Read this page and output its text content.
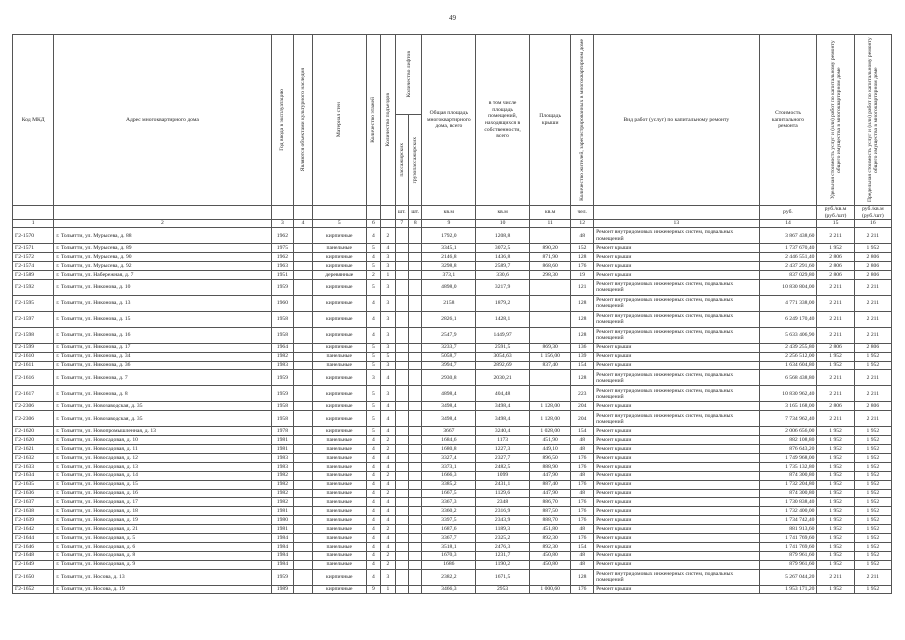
49
Код МКД	Адрес многоквартирного дома	Год ввода в эксплуатацию	Являются объектами культурного наследия	Материал стен	Количество этажей	Количество подъездов	Количество лифтов		Общая площадь многоквартирного дома, всего	в том числе площадь помещений, находящихся в собственности, всего	Площадь крыши	Количество жителей, зарегистрированных в многоквартирном доме	Вид работ (услуг) по капитальному ремонту	Стоимость капитального ремонта	Удельная стоимость услуг и (или) работ по капитальному ремонту общего имущества в многоквартирном доме	Предельная стоимость услуг и (или) работ по капитальному ремонту общего имущества в многоквартирном доме

							пассажирских	грузопассажирских								

							шт.	шт.	кв.м	кв.м	кв.м	чел.		руб.	руб./кв.м (руб./шт)	руб./кв.м (руб./шт)
1	2	3	4	5	6		7	8	9	10	11	12	13	14	15	16
Г2-1570	г. Тольятти, ул. Мурысева, д. 88	1962		кирпичные	4	2			1792,0	1208,8		48	Ремонт внутридомовых инженерных систем, подвальных помещений	3 867 438,60	2 211	2 211
Г2-1571	г. Тольятти, ул. Мурысева, д. 89	1975		панельные	5	4			3345,1	3072,5	890,20	152	Ремонт крыши	1 737 670,40	1 952	1 952
Г2-1572	г. Тольятти, ул. Мурысева, д. 90	1962		кирпичные	4	3			2146,8	1436,8	871,90	128	Ремонт крыши	2 446 551,40	2 806	2 806
Г2-1574	г. Тольятти, ул. Мурысева, д. 92	1963		кирпичные	5	3			3298,8	2589,7	868,60	176	Ремонт крыши	2 437 291,60	2 806	2 806
Г2-1589	г. Тольятти, ул. Набережная, д. 7	1951		деревянные	2	1			373,1	330,6	298,30	19	Ремонт крыши	837 029,80	2 806	2 806
Г2-1592	г. Тольятти, ул. Никонова, д. 10	1959		кирпичные	5	3			4898,0	3217,9		121	Ремонт внутридомовых инженерных систем, подвальных помещений	10 830 804,00	2 211	2 211
Г2-1595	г. Тольятти, ул. Никонова, д. 13	1960		кирпичные	4	3			2158	1879,2		128	Ремонт внутридомовых инженерных систем, подвальных помещений	4 771 338,00	2 211	2 211
Г2-1597	г. Тольятти, ул. Никонова, д. 15	1958		кирпичные	4	3			2826,1	1428,1		128	Ремонт внутридомовых инженерных систем, подвальных помещений	6 249 170,40	2 211	2 211
Г2-1598	г. Тольятти, ул. Никонова, д. 16	1958		кирпичные	4	3			2547,9	1449,97		128	Ремонт внутридомовых инженерных систем, подвальных помещений	5 633 406,90	2 211	2 211
Г2-1599	г. Тольятти, ул. Никонова, д. 17	1964		кирпичные	5	3			3233,7	2591,5	869,30	136	Ремонт крыши	2 439 255,80	2 806	2 806
Г2-1610	г. Тольятти, ул. Никонова, д. 34	1982		панельные	5	5			5058,7	3054,63	1 156,00	139	Ремонт крыши	2 256 512,00	1 952	1 952
Г2-1611	г. Тольятти, ул. Никонова, д. 36	1983		панельные	5	3			3994,7	2892,69	837,40	154	Ремонт крыши	1 634 604,80	1 952	1 952
Г2-1616	г. Тольятти, ул. Никонова, д. 7	1959		кирпичные	3	4			2930,8	2030,21		128	Ремонт внутридомовых инженерных систем, подвальных помещений	6 568 438,80	2 211	2 211
Г2-1617	г. Тольятти, ул. Никонова, д. 8	1959		кирпичные	5	3			4898,4	404,48		223	Ремонт внутридомовых инженерных систем, подвальных помещений	10 830 962,40	2 211	2 211
Г2-2306	г. Тольятти, ул. Новозаводская, д. 35	1958		кирпичные	5	4			3498,4	3498,4	1 128,00	204	Ремонт крыши	3 165 168,00	2 806	2 806
Г2-2306	г. Тольятти, ул. Новозаводская, д. 35	1958		кирпичные	5	4			3498,4	3498,4	1 128,00	204	Ремонт внутридомовых инженерных систем, подвальных помещений	7 734 962,40	2 211	2 211
Г2-1620	г. Тольятти, ул. Новопромышленная, д. 13	1978		кирпичные	5	4			3667	3240,4	1 028,00	154	Ремонт крыши	2 006 656,00	1 952	1 952
Г2-1620	г. Тольятти, ул. Новосадовая, д. 10	1981		панельные	4	2			1684,6	1173	451,90	48	Ремонт крыши	882 108,80	1 952	1 952
Г2-1621	г. Тольятти, ул. Новосадовая, д. 11	1981		панельные	4	2			1680,8	1227,3	449,10	48	Ремонт крыши	876 643,20	1 952	1 952
Г2-1632	г. Тольятти, ул. Новосадовая, д. 12	1983		панельные	4	4			3327,4	2327,7	896,50	176	Ремонт крыши	1 749 968,00	1 952	1 952
Г2-1633	г. Тольятти, ул. Новосадовая, д. 13	1983		панельные	4	4			3373,1	2482,5	888,90	176	Ремонт крыши	1 735 132,80	1 952	1 952
Г2-1634	г. Тольятти, ул. Новосадовая, д. 14	1982		панельные	4	2			1666,3	1099	447,90	48	Ремонт крыши	874 300,80	1 952	1 952
Г2-1635	г. Тольятти, ул. Новосадовая, д. 15	1982		панельные	4	4			3385,2	2431,1	887,40	176	Ремонт крыши	1 732 204,80	1 952	1 952
Г2-1636	г. Тольятти, ул. Новосадовая, д. 16	1982		панельные	4	2			1667,5	1129,6	447,90	48	Ремонт крыши	874 300,80	1 952	1 952
Г2-1637	г. Тольятти, ул. Новосадовая, д. 17	1982		панельные	4	4			3367,3	2348	886,70	176	Ремонт крыши	1 730 838,40	1 952	1 952
Г2-1638	г. Тольятти, ул. Новосадовая, д. 18	1981		панельные	4	4			3360,2	2316,9	887,50	176	Ремонт крыши	1 732 400,00	1 952	1 952
Г2-1639	г. Тольятти, ул. Новосадовая, д. 19	1980		панельные	4	4			3397,5	2343,9	888,70	176	Ремонт крыши	1 734 742,40	1 952	1 952
Г2-1642	г. Тольятти, ул. Новосадовая, д. 21	1981		панельные	4	2			1687,6	1189,3	451,80	48	Ремонт крыши	881 913,60	1 952	1 952
Г2-1644	г. Тольятти, ул. Новосадовая, д. 5	1984		панельные	4	4			3367,7	2325,2	892,30	176	Ремонт крыши	1 741 769,60	1 952	1 952
Г2-1646	г. Тольятти, ул. Новосадовая, д. 6	1984		панельные	4	4			3518,1	2476,3	892,30	154	Ремонт крыши	1 741 769,60	1 952	1 952
Г2-1648	г. Тольятти, ул. Новосадовая, д. 8	1984		панельные	4	2			1670,3	1231,7	450,80	48	Ремонт крыши	879 961,60	1 952	1 952
Г2-1649	г. Тольятти, ул. Новосадовая, д. 9	1984		панельные	4	2			1686	1190,2	450,80	48	Ремонт крыши	879 961,60	1 952	1 952
Г2-1650	г. Тольятти, ул. Носова, д. 13	1959		кирпичные	4	3			2382,2	1671,5		128	Ремонт внутридомовых инженерных систем, подвальных помещений	5 267 044,20	2 211	2 211
Г2-1652	г. Тольятти, ул. Носова, д. 19	1989		кирпичные	9	1			3466,3	2953	1 000,60	176	Ремонт крыши	1 953 171,20	1 952	1 952
